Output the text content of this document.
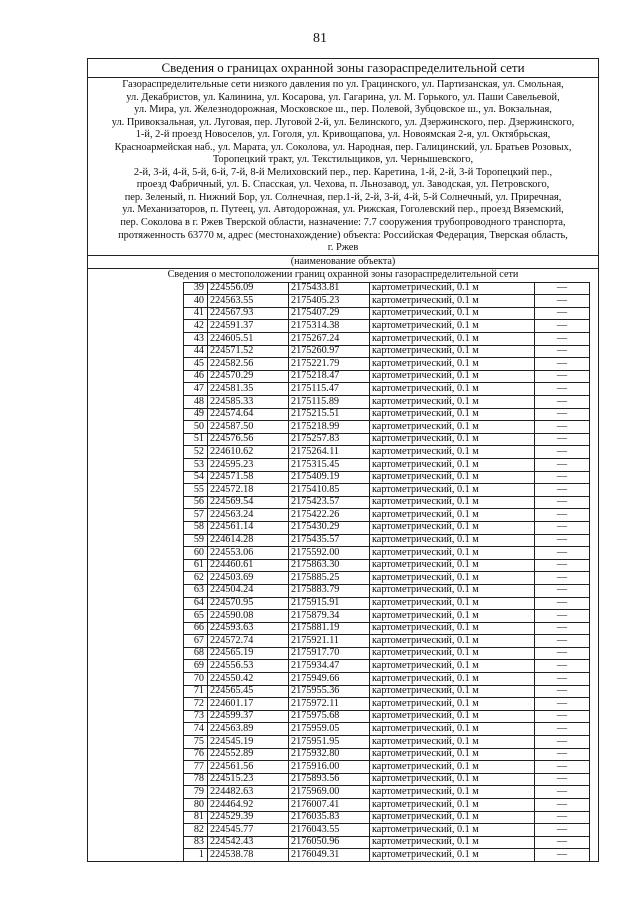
81
Сведения о границах охранной зоны газораспределительной сети
Газораспределительные сети низкого давления по ул. Грацинского, ул. Партизанская, ул. Смольная,
ул. Декабристов, ул. Калинина, ул. Косарова, ул. Гагарина, ул. М. Горького, ул. Паши Савельевой,
ул. Мира, ул. Железнодорожная, Московское ш., пер. Полевой, Зубцовское ш., ул. Вокзальная,
ул. Привокзальная, ул. Луговая, пер. Луговой 2-й, ул. Белинского, ул. Дзержинского, пер. Дзержинского,
1-й, 2-й проезд Новоселов, ул. Гоголя, ул. Кривощапова, ул. Новоямская 2-я, ул. Октябрьская,
Красноармейская наб., ул. Марата, ул. Соколова, ул. Народная, пер. Галицинский, ул. Братьев Розовых,
Торопецкий тракт, ул. Текстильщиков, ул. Чернышевского,
2-й, 3-й, 4-й, 5-й, 6-й, 7-й, 8-й Мелиховский пер., пер. Каретина, 1-й, 2-й, 3-й Торопецкий пер.,
проезд Фабричный, ул. Б. Спасская, ул. Чехова, п. Льнозавод, ул. Заводская, ул. Петровского,
пер. Зеленый, п. Нижний Бор, ул. Солнечная, пер.1-й, 2-й, 3-й, 4-й, 5-й Солнечный, ул. Приречная,
ул. Механизаторов, п. Путеец, ул. Автодорожная, ул. Рижская, Гоголевский пер., проезд Вяземский,
пер. Соколова в г. Ржев Тверской области, назначение: 7.7 сооружения трубопроводного транспорта,
протяженность 63770 м, адрес (местонахождение) объекта: Российская Федерация, Тверская область,
г. Ржев
(наименование объекта)
Сведения о местоположении границ охранной зоны газораспределительной сети
	39	224556.09	2175433.81	картометрический, 0.1 м	—	
	40	224563.55	2175405.23	картометрический, 0.1 м	—	
	41	224567.93	2175407.29	картометрический, 0.1 м	—	
	42	224591.37	2175314.38	картометрический, 0.1 м	—	
	43	224605.51	2175267.24	картометрический, 0.1 м	—	
	44	224571.52	2175260.97	картометрический, 0.1 м	—	
	45	224582.56	2175221.79	картометрический, 0.1 м	—	
	46	224570.29	2175218.47	картометрический, 0.1 м	—	
	47	224581.35	2175115.47	картометрический, 0.1 м	—	
	48	224585.33	2175115.89	картометрический, 0.1 м	—	
	49	224574.64	2175215.51	картометрический, 0.1 м	—	
	50	224587.50	2175218.99	картометрический, 0.1 м	—	
	51	224576.56	2175257.83	картометрический, 0.1 м	—	
	52	224610.62	2175264.11	картометрический, 0.1 м	—	
	53	224595.23	2175315.45	картометрический, 0.1 м	—	
	54	224571.58	2175409.19	картометрический, 0.1 м	—	
	55	224572.18	2175410.85	картометрический, 0.1 м	—	
	56	224569.54	2175423.57	картометрический, 0.1 м	—	
	57	224563.24	2175422.26	картометрический, 0.1 м	—	
	58	224561.14	2175430.29	картометрический, 0.1 м	—	
	59	224614.28	2175435.57	картометрический, 0.1 м	—	
	60	224553.06	2175592.00	картометрический, 0.1 м	—	
	61	224460.61	2175863.30	картометрический, 0.1 м	—	
	62	224503.69	2175885.25	картометрический, 0.1 м	—	
	63	224504.24	2175883.79	картометрический, 0.1 м	—	
	64	224570.95	2175915.91	картометрический, 0.1 м	—	
	65	224590.08	2175879.34	картометрический, 0.1 м	—	
	66	224593.63	2175881.19	картометрический, 0.1 м	—	
	67	224572.74	2175921.11	картометрический, 0.1 м	—	
	68	224565.19	2175917.70	картометрический, 0.1 м	—	
	69	224556.53	2175934.47	картометрический, 0.1 м	—	
	70	224550.42	2175949.66	картометрический, 0.1 м	—	
	71	224565.45	2175955.36	картометрический, 0.1 м	—	
	72	224601.17	2175972.11	картометрический, 0.1 м	—	
	73	224599.37	2175975.68	картометрический, 0.1 м	—	
	74	224563.89	2175959.05	картометрический, 0.1 м	—	
	75	224545.19	2175951.95	картометрический, 0.1 м	—	
	76	224552.89	2175932.80	картометрический, 0.1 м	—	
	77	224561.56	2175916.00	картометрический, 0.1 м	—	
	78	224515.23	2175893.56	картометрический, 0.1 м	—	
	79	224482.63	2175969.00	картометрический, 0.1 м	—	
	80	224464.92	2176007.41	картометрический, 0.1 м	—	
	81	224529.39	2176035.83	картометрический, 0.1 м	—	
	82	224545.77	2176043.55	картометрический, 0.1 м	—	
	83	224542.43	2176050.96	картометрический, 0.1 м	—	
	1	224538.78	2176049.31	картометрический, 0.1 м	—	
